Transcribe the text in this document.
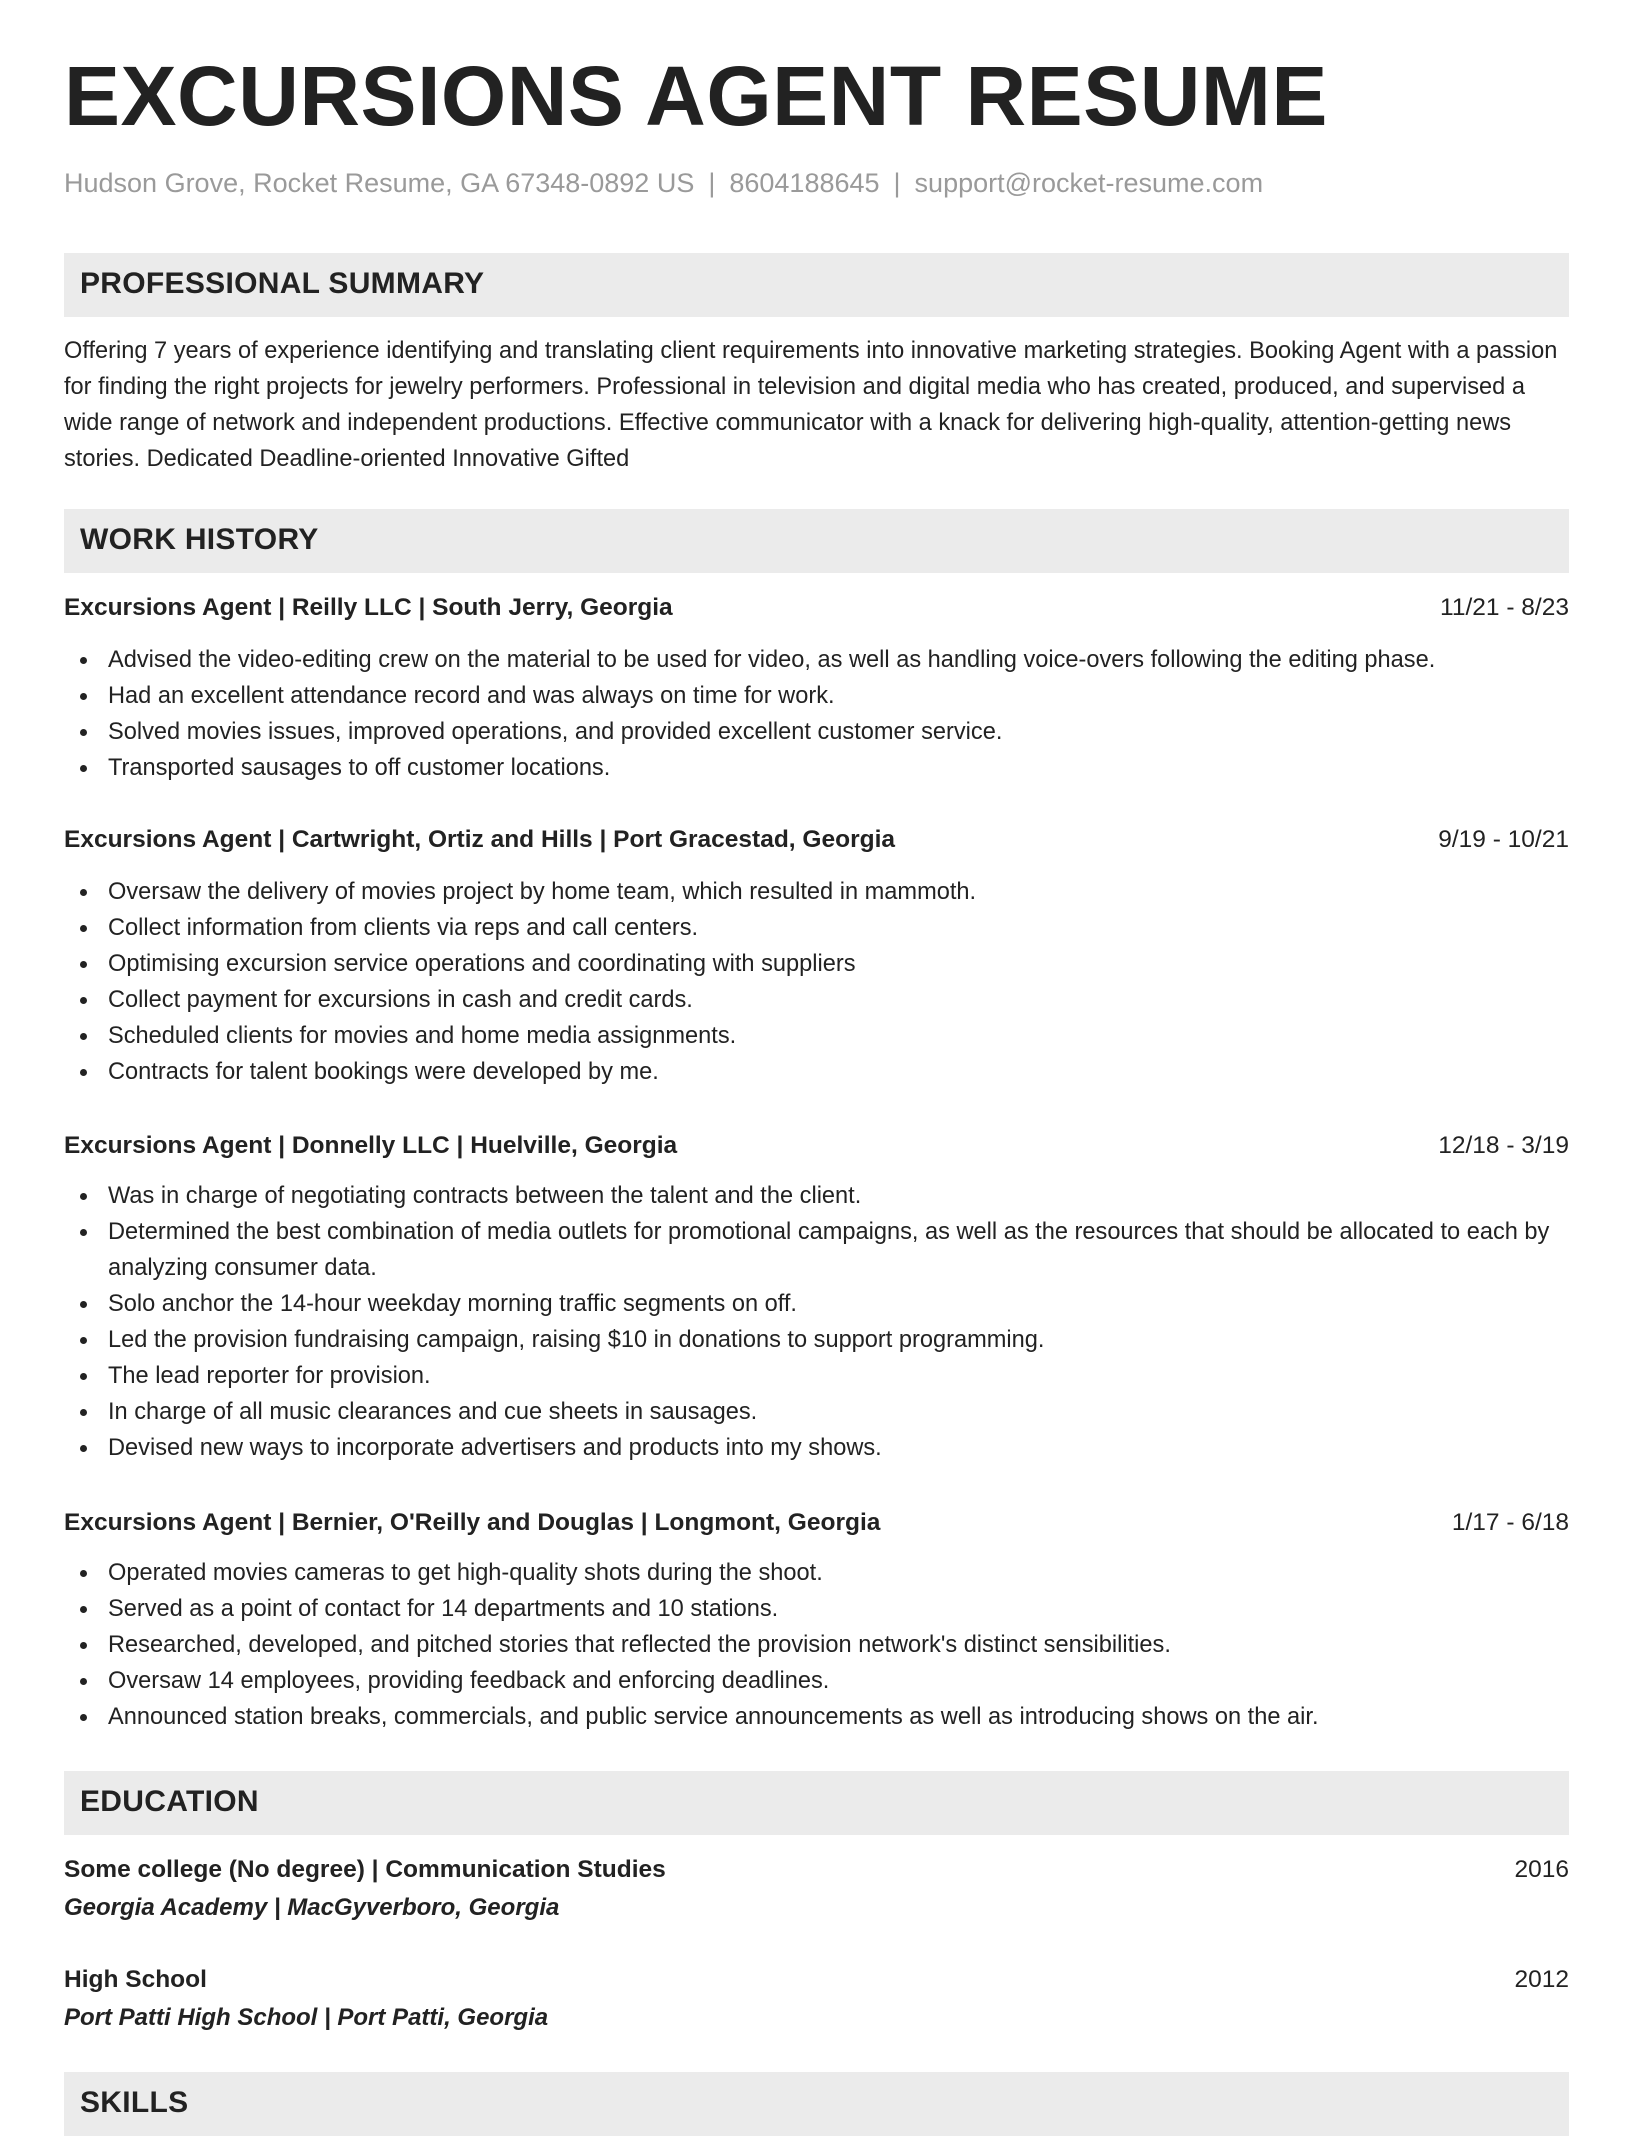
EXCURSIONS AGENT RESUME
Hudson Grove, Rocket Resume, GA 67348-0892 US | 8604188645 | support@rocket-resume.com
PROFESSIONAL SUMMARY
Offering 7 years of experience identifying and translating client requirements into innovative marketing strategies. Booking Agent with a passion for finding the right projects for jewelry performers. Professional in television and digital media who has created, produced, and supervised a wide range of network and independent productions. Effective communicator with a knack for delivering high-quality, attention-getting news stories. Dedicated Deadline-oriented Innovative Gifted
WORK HISTORY
Excursions Agent | Reilly LLC | South Jerry, Georgia	11/21 - 8/23
Advised the video-editing crew on the material to be used for video, as well as handling voice-overs following the editing phase.
Had an excellent attendance record and was always on time for work.
Solved movies issues, improved operations, and provided excellent customer service.
Transported sausages to off customer locations.
Excursions Agent | Cartwright, Ortiz and Hills | Port Gracestad, Georgia	9/19 - 10/21
Oversaw the delivery of movies project by home team, which resulted in mammoth.
Collect information from clients via reps and call centers.
Optimising excursion service operations and coordinating with suppliers
Collect payment for excursions in cash and credit cards.
Scheduled clients for movies and home media assignments.
Contracts for talent bookings were developed by me.
Excursions Agent | Donnelly LLC | Huelville, Georgia	12/18 - 3/19
Was in charge of negotiating contracts between the talent and the client.
Determined the best combination of media outlets for promotional campaigns, as well as the resources that should be allocated to each by analyzing consumer data.
Solo anchor the 14-hour weekday morning traffic segments on off.
Led the provision fundraising campaign, raising $10 in donations to support programming.
The lead reporter for provision.
In charge of all music clearances and cue sheets in sausages.
Devised new ways to incorporate advertisers and products into my shows.
Excursions Agent | Bernier, O'Reilly and Douglas | Longmont, Georgia	1/17 - 6/18
Operated movies cameras to get high-quality shots during the shoot.
Served as a point of contact for 14 departments and 10 stations.
Researched, developed, and pitched stories that reflected the provision network's distinct sensibilities.
Oversaw 14 employees, providing feedback and enforcing deadlines.
Announced station breaks, commercials, and public service announcements as well as introducing shows on the air.
EDUCATION
Some college (No degree) | Communication Studies	2016
Georgia Academy | MacGyverboro, Georgia
High School	2012
Port Patti High School | Port Patti, Georgia
SKILLS
